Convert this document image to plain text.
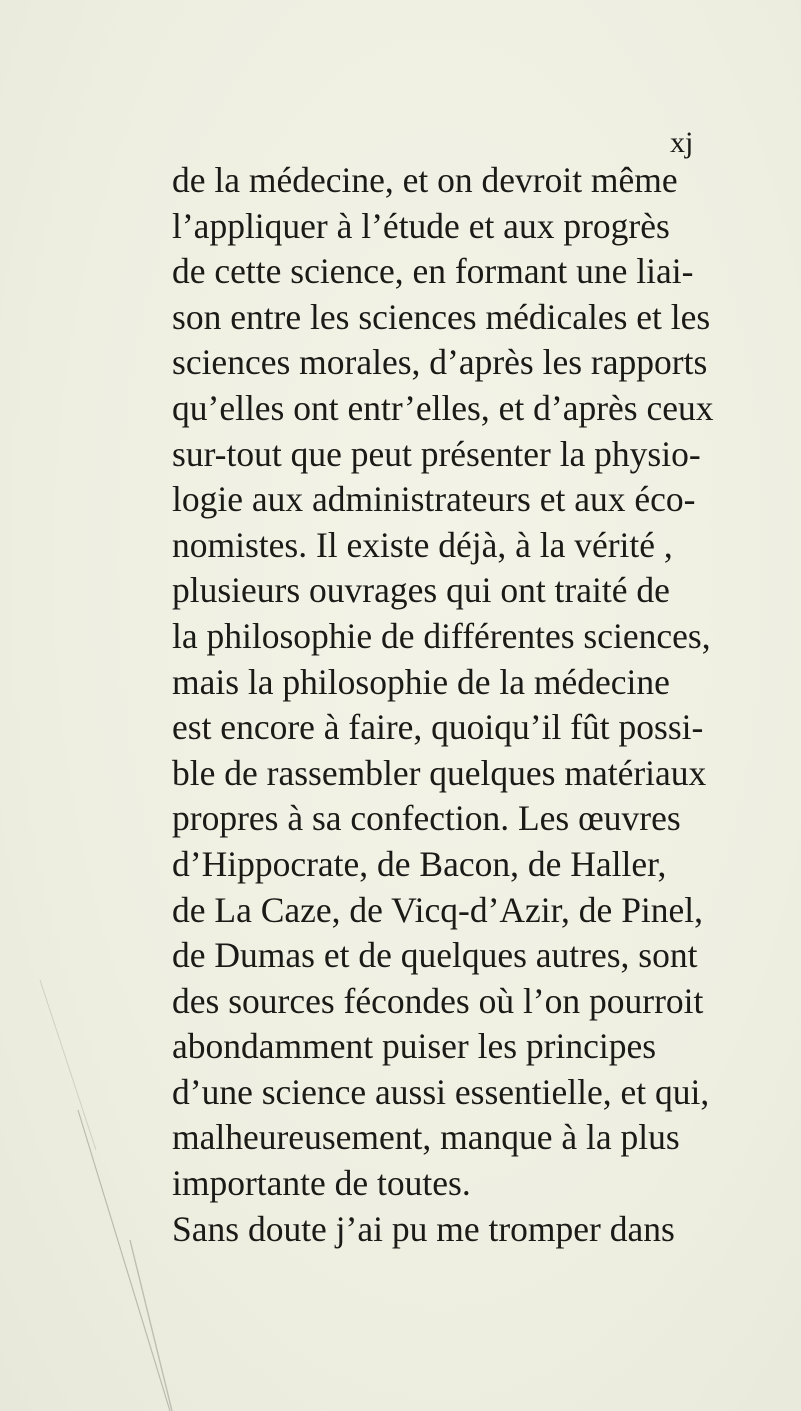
xj
de la médecine, et on devroit même
l’appliquer à l’étude et aux progrès
de cette science, en formant une liai-
son entre les sciences médicales et les
sciences morales, d’après les rapports
qu’elles ont entr’elles, et d’après ceux
sur-tout que peut présenter la physio-
logie aux administrateurs et aux éco-
nomistes. Il existe déjà, à la vérité ,
plusieurs ouvrages qui ont traité de
la philosophie de différentes sciences,
mais la philosophie de la médecine
est encore à faire, quoiqu’il fût possi-
ble de rassembler quelques matériaux
propres à sa confection. Les œuvres
d’Hippocrate, de Bacon, de Haller,
de La Caze, de Vicq-d’Azir, de Pinel,
de Dumas et de quelques autres, sont
des sources fécondes où l’on pourroit
abondamment puiser les principes
d’une science aussi essentielle, et qui,
malheureusement, manque à la plus
importante de toutes.
Sans doute j’ai pu me tromper dans
